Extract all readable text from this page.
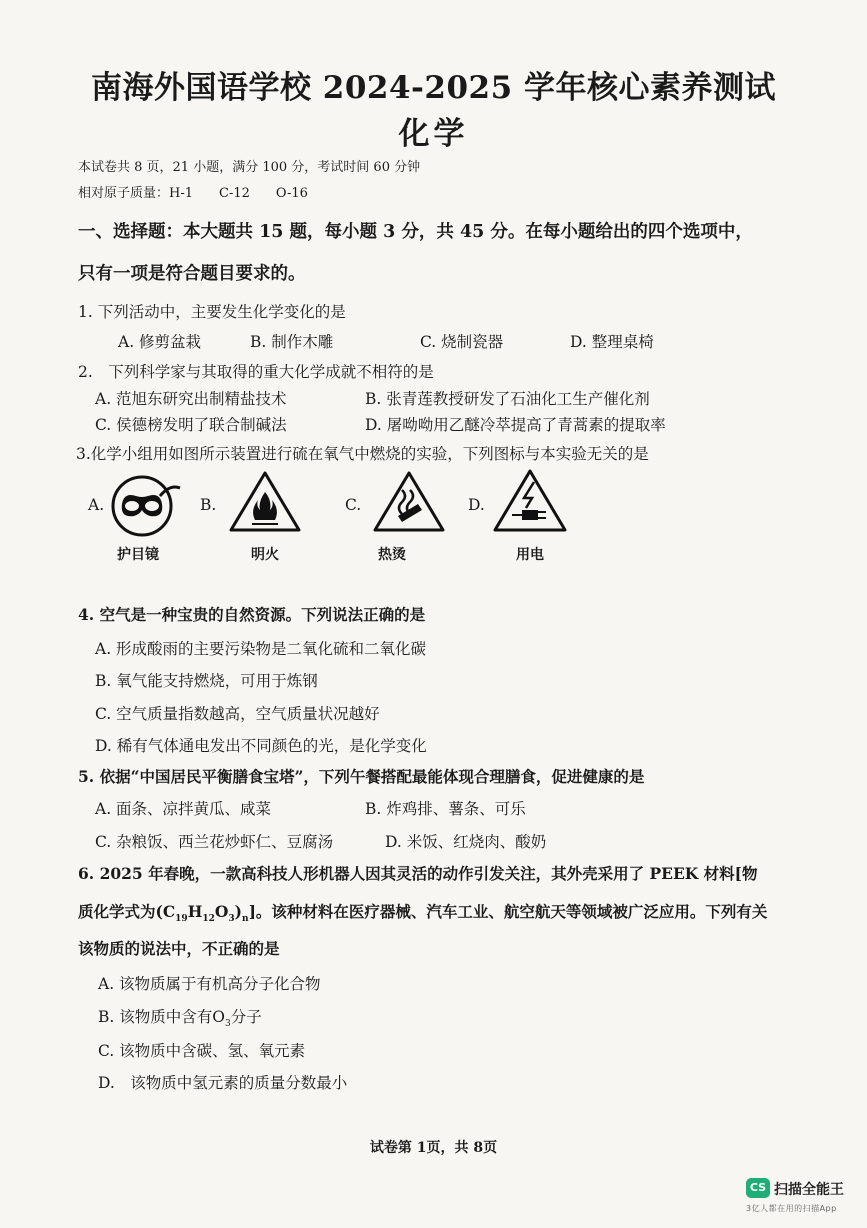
南海外国语学校 2024-2025 学年核心素养测试
化学
本试卷共 8 页，21 小题，满分 100 分，考试时间 60 分钟
相对原子质量：H-1　　C-12　　O-16
一、选择题：本大题共 15 题，每小题 3 分，共 45 分。在每小题给出的四个选项中，
只有一项是符合题目要求的。
1. 下列活动中，主要发生化学变化的是
A. 修剪盆栽	B. 制作木雕	C. 烧制瓷器	D. 整理桌椅
2.　下列科学家与其取得的重大化学成就不相符的是
A. 范旭东研究出制精盐技术	B. 张青莲教授研发了石油化工生产催化剂
C. 侯德榜发明了联合制碱法	D. 屠呦呦用乙醚冷萃提高了青蒿素的提取率
3.化学小组用如图所示装置进行硫在氧气中燃烧的实验，下列图标与本实验无关的是
A.
护目镜
B.
明火
C.
热烫
D.
用电
4. 空气是一种宝贵的自然资源。下列说法正确的是
A. 形成酸雨的主要污染物是二氧化硫和二氧化碳
B. 氧气能支持燃烧，可用于炼钢
C. 空气质量指数越高，空气质量状况越好
D. 稀有气体通电发出不同颜色的光，是化学变化
5. 依据“中国居民平衡膳食宝塔”，下列午餐搭配最能体现合理膳食，促进健康的是
A. 面条、凉拌黄瓜、咸菜	B. 炸鸡排、薯条、可乐
C. 杂粮饭、西兰花炒虾仁、豆腐汤	D. 米饭、红烧肉、酸奶
6. 2025 年春晚，一款高科技人形机器人因其灵活的动作引发关注，其外壳采用了 PEEK 材料[物
质化学式为$(C_{19}H_{12}O_3)_n$]。该种材料在医疗器械、汽车工业、航空航天等领域被广泛应用。下列有关
该物质的说法中，不正确的是
A. 该物质属于有机高分子化合物
B. 该物质中含有$O_3$分子
C. 该物质中含碳、氢、氧元素
D.　该物质中氢元素的质量分数最小
试卷第 1页，共 8页
CS 扫描全能王
3亿人都在用的扫描App
